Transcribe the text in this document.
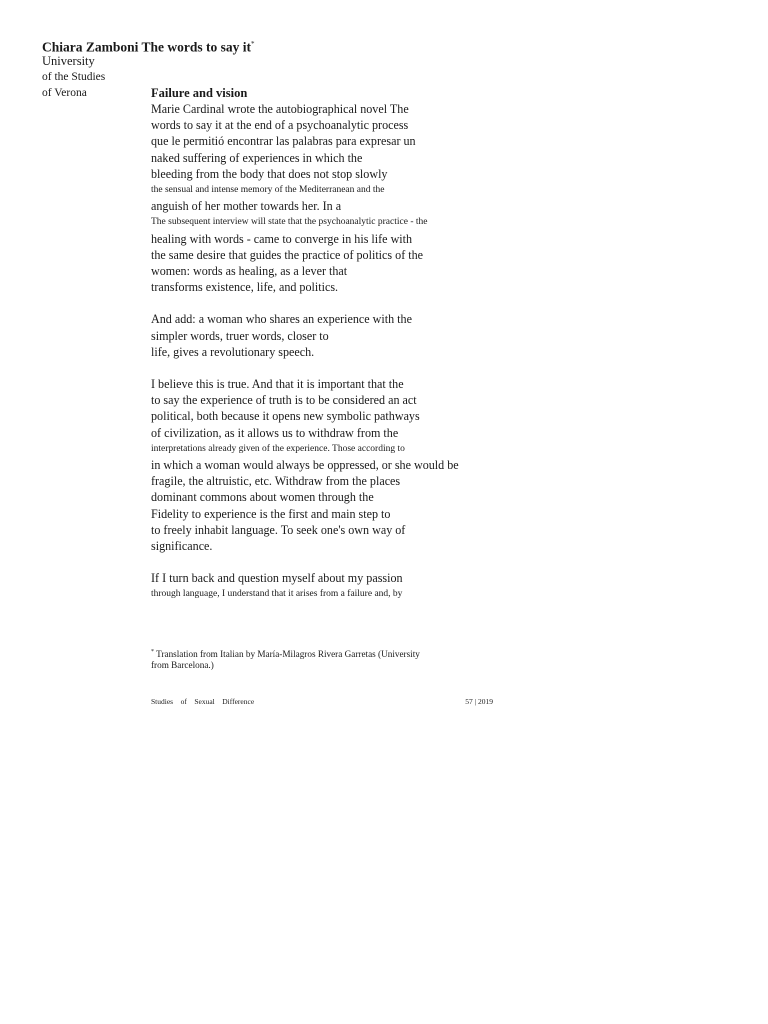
Chiara Zamboni The words to say it*
University
of the Studies
of Verona	Failure and vision
Marie Cardinal wrote the autobiographical novel The
words to say it at the end of a psychoanalytic process
que le permitió encontrar las palabras para expresar un
naked suffering of experiences in which the
bleeding from the body that does not stop slowly
the sensual and intense memory of the Mediterranean and the
anguish of her mother towards her. In a
The subsequent interview will state that the psychoanalytic practice - the
healing with words - came to converge in his life with
the same desire that guides the practice of politics of the
women: words as healing, as a lever that
transforms existence, life, and politics.
And add: a woman who shares an experience with the
simpler words, truer words, closer to
life, gives a revolutionary speech.
I believe this is true. And that it is important that the
to say the experience of truth is to be considered an act
political, both because it opens new symbolic pathways
of civilization, as it allows us to withdraw from the
interpretations already given of the experience. Those according to
in which a woman would always be oppressed, or she would be
fragile, the altruistic, etc. Withdraw from the places
dominant commons about women through the
Fidelity to experience is the first and main step to
to freely inhabit language. To seek one's own way of
significance.
If I turn back and question myself about my passion
through language, I understand that it arises from a failure and, by
* Translation from Italian by María-Milagros Rivera Garretas (University
from Barcelona.)
Studies    of    Sexual    Difference	57 | 2019
